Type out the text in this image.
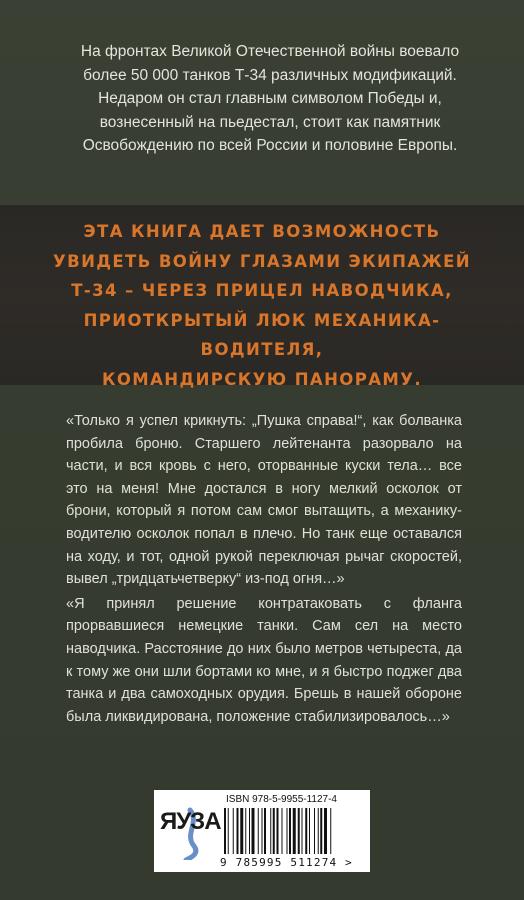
На фронтах Великой Отечественной войны воевало более 50 000 танков Т-34 различных модификаций. Недаром он стал главным символом Победы и, вознесенный на пьедестал, стоит как памятник Освобождению по всей России и половине Европы.
ЭТА КНИГА ДАЕТ ВОЗМОЖНОСТЬ
УВИДЕТЬ ВОЙНУ ГЛАЗАМИ ЭКИПАЖЕЙ
Т-34 – ЧЕРЕЗ ПРИЦЕЛ НАВОДЧИКА,
ПРИОТКРЫТЫЙ ЛЮК МЕХАНИКА-ВОДИТЕЛЯ,
КОМАНДИРСКУЮ ПАНОРАМУ.

«Только я успел крикнуть: „Пушка справа!“, как болванка пробила броню. Старшего лейтенанта разорвало на части, и вся кровь с него, оторванные куски тела… все это на меня! Мне достался в ногу мелкий осколок от брони, который я потом сам смог вытащить, а механику-водителю осколок попал в плечо. Но танк еще оставался на ходу, и тот, одной рукой переключая рычаг скоростей, вывел „тридцатьчетверку“ из-под огня…»

«Я принял решение контратаковать с фланга прорвавшиеся немецкие танки. Сам сел на место наводчика. Расстояние до них было метров четыреста, да к тому же они шли бортами ко мне, и я быстро поджег два танка и два самоходных орудия. Брешь в нашей обороне была ликвидирована, положение стабилизировалось…»

ЯУЗА
ISBN 978-5-9955-1127-4
9 785995 511274 >
